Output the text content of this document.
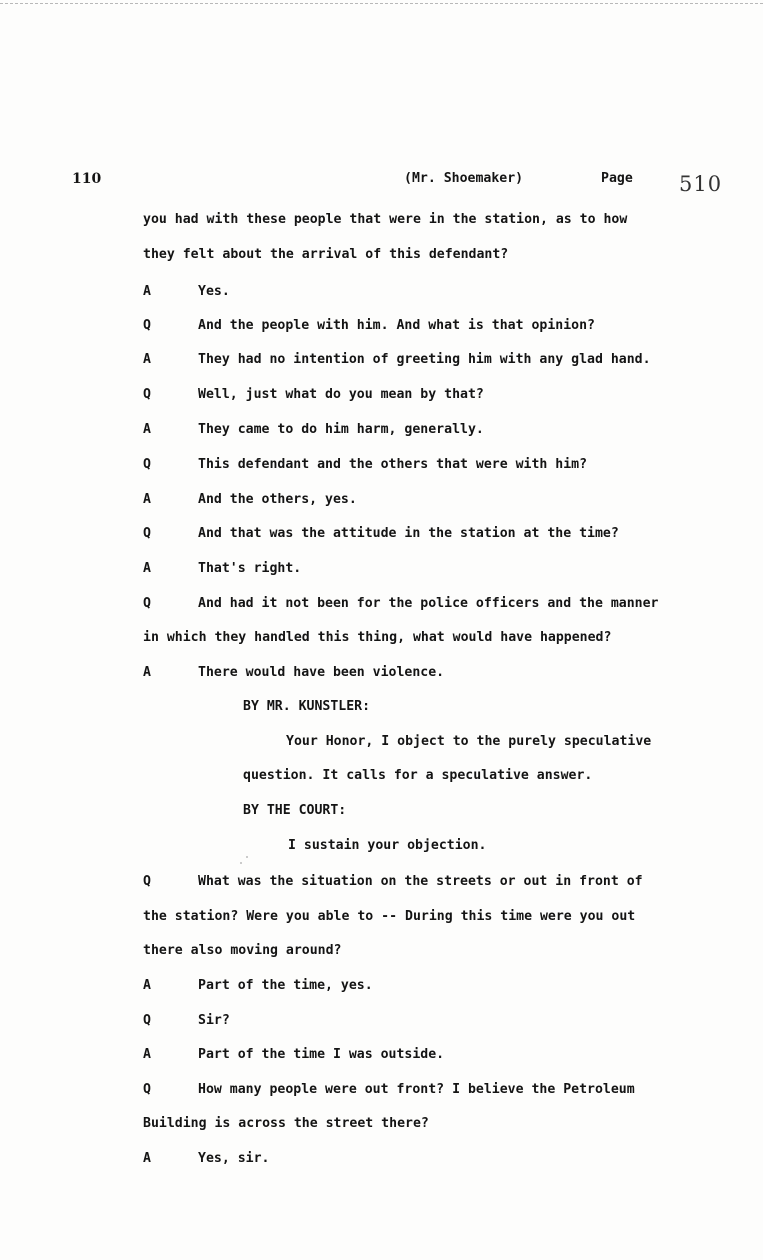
110	(Mr. Shoemaker)	Page 510
you had with these people that were in the station, as to how
they felt about the arrival of this defendant?
A	Yes.
Q	And the people with him. And what is that opinion?
A	They had no intention of greeting him with any glad hand.
Q	Well, just what do you mean by that?
A	They came to do him harm, generally.
Q	This defendant and the others that were with him?
A	And the others, yes.
Q	And that was the attitude in the station at the time?
A	That's right.
Q	And had it not been for the police officers and the manner
in which they handled this thing, what would have happened?
A	There would have been violence.
BY MR. KUNSTLER:
Your Honor, I object to the purely speculative
question. It calls for a speculative answer.
BY THE COURT:
I sustain your objection.
Q	What was the situation on the streets or out in front of
the station? Were you able to -- During this time were you out
there also moving around?
A	Part of the time, yes.
Q	Sir?
A	Part of the time I was outside.
Q	How many people were out front? I believe the Petroleum
Building is across the street there?
A	Yes, sir.
